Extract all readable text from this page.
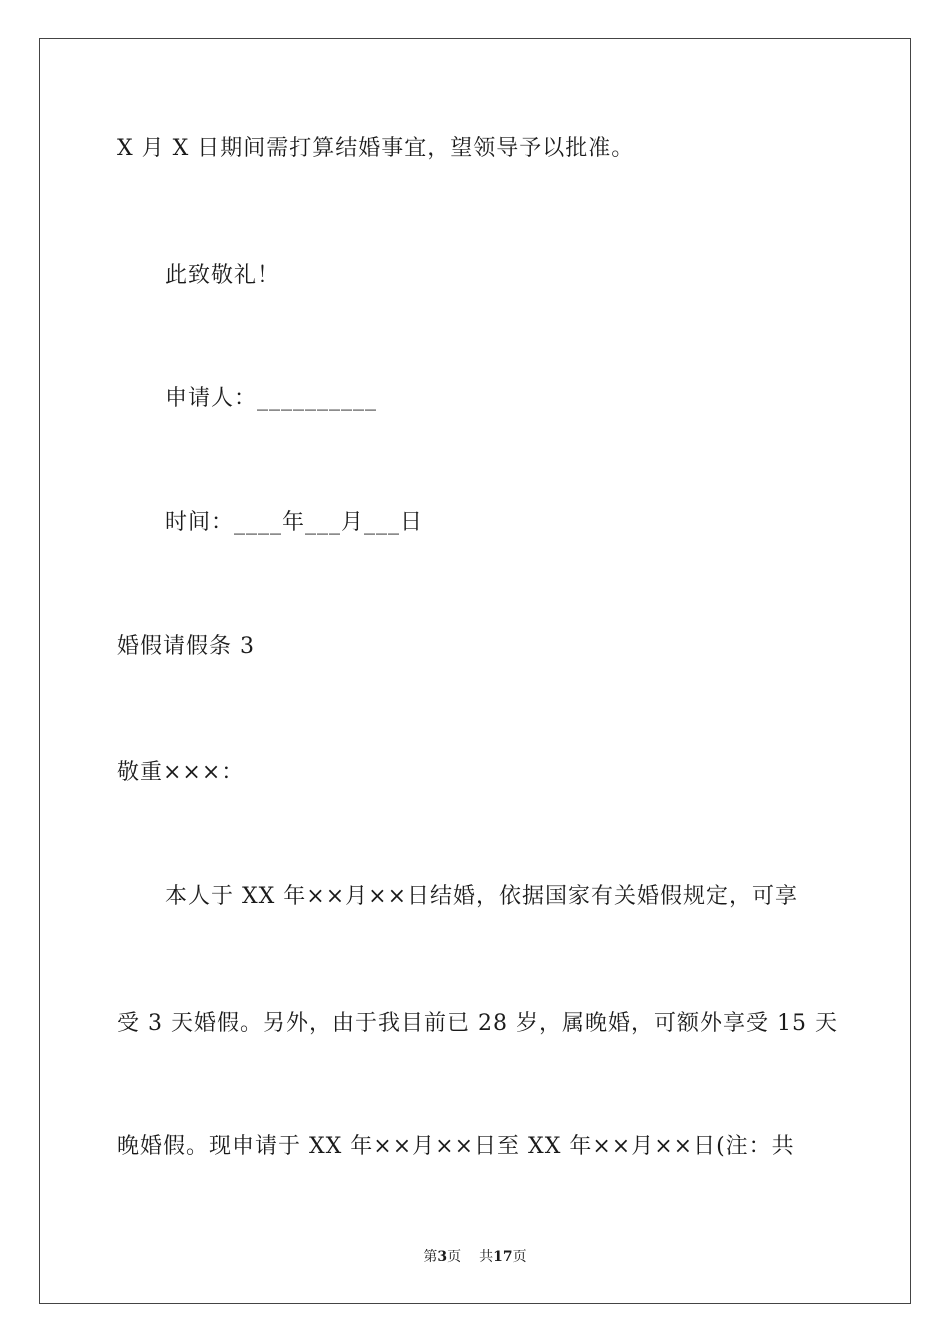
X 月 X 日期间需打算结婚事宜，望领导予以批准。
此致敬礼！
申请人：__________
时间：____年___月___日
婚假请假条 3
敬重×××：
本人于 XX 年××月××日结婚，依据国家有关婚假规定，可享
受 3 天婚假。另外，由于我目前已 28 岁，属晚婚，可额外享受 15 天
晚婚假。现申请于 XX 年××月××日至 XX 年××月××日(注：共
第3页 共17页
